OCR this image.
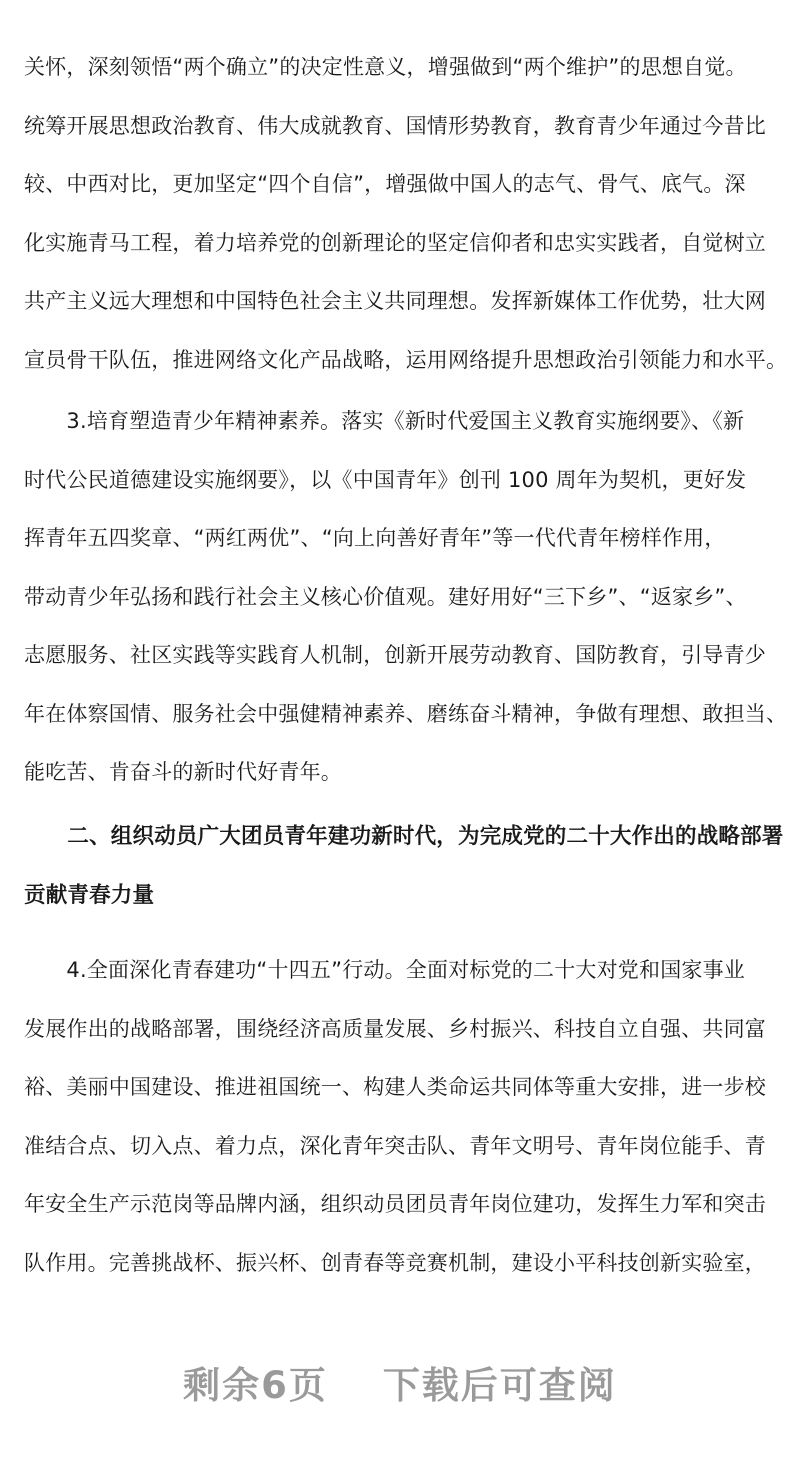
关怀，深刻领悟“两个确立”的决定性意义，增强做到“两个维护”的思想自觉。
统筹开展思想政治教育、伟大成就教育、国情形势教育，教育青少年通过今昔比
较、中西对比，更加坚定“四个自信”，增强做中国人的志气、骨气、底气。深
化实施青马工程，着力培养党的创新理论的坚定信仰者和忠实实践者，自觉树立
共产主义远大理想和中国特色社会主义共同理想。发挥新媒体工作优势，壮大网
宣员骨干队伍，推进网络文化产品战略，运用网络提升思想政治引领能力和水平。
　　3.培育塑造青少年精神素养。落实《新时代爱国主义教育实施纲要》、《新
时代公民道德建设实施纲要》，以《中国青年》创刊 100 周年为契机，更好发
挥青年五四奖章、“两红两优”、“向上向善好青年”等一代代青年榜样作用，
带动青少年弘扬和践行社会主义核心价值观。建好用好“三下乡”、“返家乡”、
志愿服务、社区实践等实践育人机制，创新开展劳动教育、国防教育，引导青少
年在体察国情、服务社会中强健精神素养、磨练奋斗精神，争做有理想、敢担当、
能吃苦、肯奋斗的新时代好青年。
　　二、组织动员广大团员青年建功新时代，为完成党的二十大作出的战略部署
贡献青春力量
　　4.全面深化青春建功“十四五”行动。全面对标党的二十大对党和国家事业
发展作出的战略部署，围绕经济高质量发展、乡村振兴、科技自立自强、共同富
裕、美丽中国建设、推进祖国统一、构建人类命运共同体等重大安排，进一步校
准结合点、切入点、着力点，深化青年突击队、青年文明号、青年岗位能手、青
年安全生产示范岗等品牌内涵，组织动员团员青年岗位建功，发挥生力军和突击
队作用。完善挑战杯、振兴杯、创青春等竞赛机制，建设小平科技创新实验室，
剩余6页 下载后可查阅
